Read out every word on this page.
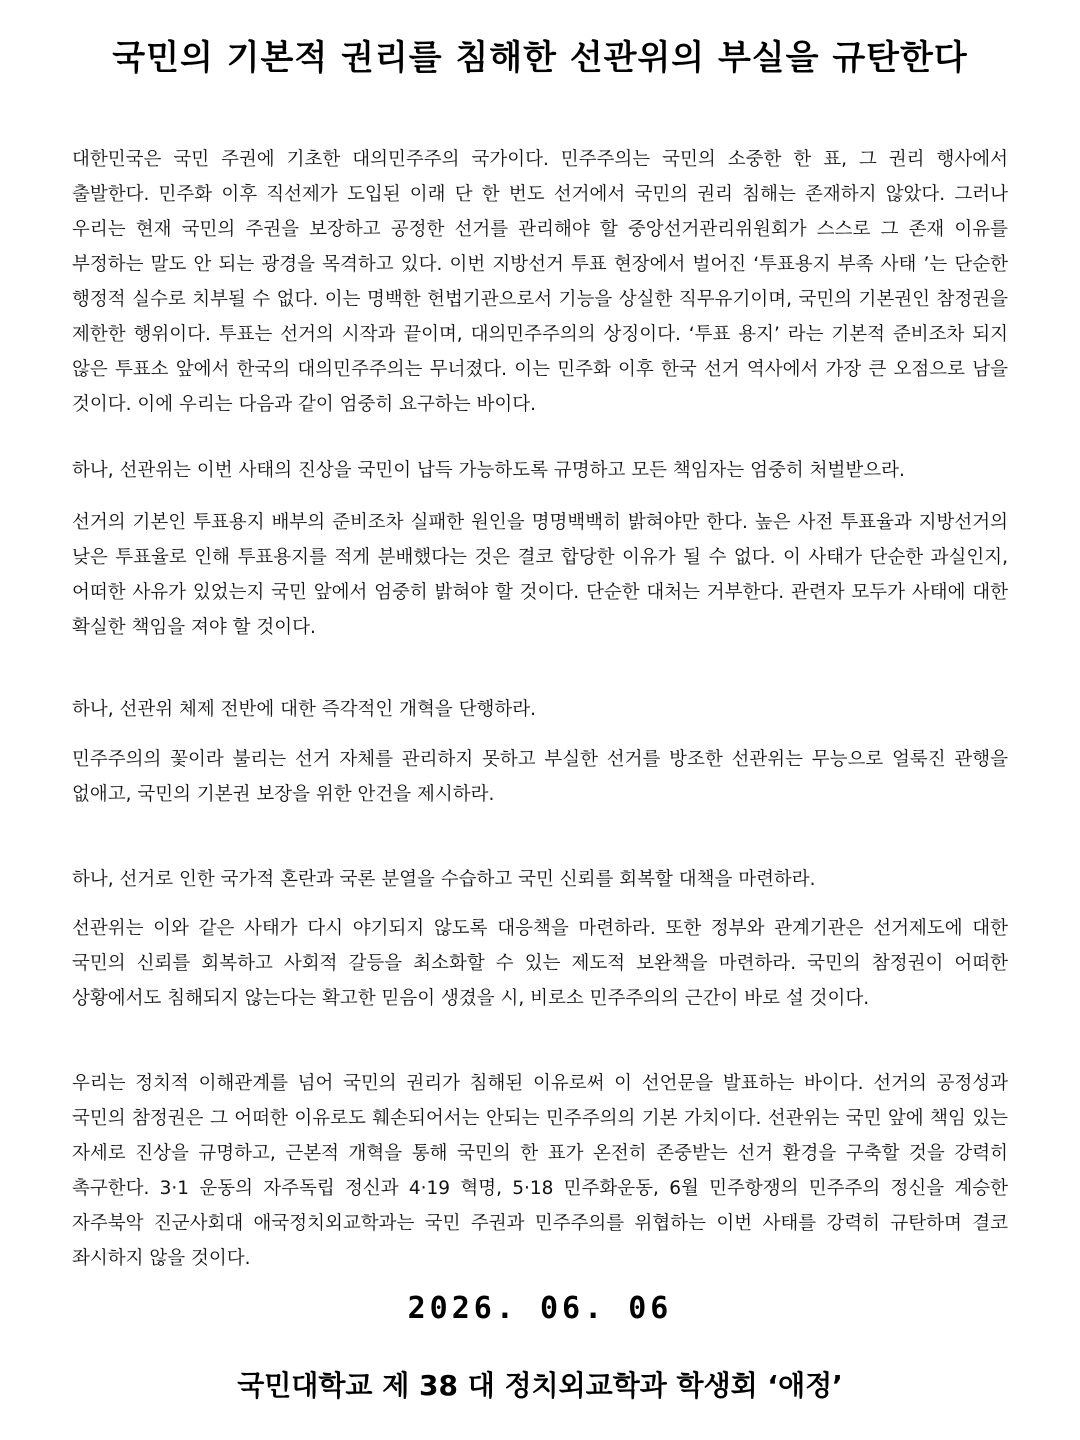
국민의 기본적 권리를 침해한 선관위의 부실을 규탄한다

대한민국은 국민 주권에 기초한 대의민주주의 국가이다. 민주주의는 국민의 소중한 한 표, 그 권리 행사에서 출발한다. 민주화 이후 직선제가 도입된 이래 단 한 번도 선거에서 국민의 권리 침해는 존재하지 않았다. 그러나 우리는 현재 국민의 주권을 보장하고 공정한 선거를 관리해야 할 중앙선거관리위원회가 스스로 그 존재 이유를 부정하는 말도 안 되는 광경을 목격하고 있다. 이번 지방선거 투표 현장에서 벌어진 ‘투표용지 부족 사태 ’는 단순한 행정적 실수로 치부될 수 없다. 이는 명백한 헌법기관으로서 기능을 상실한 직무유기이며, 국민의 기본권인 참정권을 제한한 행위이다. 투표는 선거의 시작과 끝이며, 대의민주주의의 상징이다. ‘투표 용지’ 라는 기본적 준비조차 되지 않은 투표소 앞에서 한국의 대의민주주의는 무너졌다. 이는 민주화 이후 한국 선거 역사에서 가장 큰 오점으로 남을 것이다. 이에 우리는 다음과 같이 엄중히 요구하는 바이다.

하나, 선관위는 이번 사태의 진상을 국민이 납득 가능하도록 규명하고 모든 책임자는 엄중히 처벌받으라.

선거의 기본인 투표용지 배부의 준비조차 실패한 원인을 명명백백히 밝혀야만 한다. 높은 사전 투표율과 지방선거의 낮은 투표율로 인해 투표용지를 적게 분배했다는 것은 결코 합당한 이유가 될 수 없다. 이 사태가 단순한 과실인지, 어떠한 사유가 있었는지 국민 앞에서 엄중히 밝혀야 할 것이다. 단순한 대처는 거부한다. 관련자 모두가 사태에 대한 확실한 책임을 져야 할 것이다.

하나, 선관위 체제 전반에 대한 즉각적인 개혁을 단행하라.

민주주의의 꽃이라 불리는 선거 자체를 관리하지 못하고 부실한 선거를 방조한 선관위는 무능으로 얼룩진 관행을 없애고, 국민의 기본권 보장을 위한 안건을 제시하라.

하나, 선거로 인한 국가적 혼란과 국론 분열을 수습하고 국민 신뢰를 회복할 대책을 마련하라.

선관위는 이와 같은 사태가 다시 야기되지 않도록 대응책을 마련하라. 또한 정부와 관계기관은 선거제도에 대한 국민의 신뢰를 회복하고 사회적 갈등을 최소화할 수 있는 제도적 보완책을 마련하라. 국민의 참정권이 어떠한 상황에서도 침해되지 않는다는 확고한 믿음이 생겼을 시, 비로소 민주주의의 근간이 바로 설 것이다.

우리는 정치적 이해관계를 넘어 국민의 권리가 침해된 이유로써 이 선언문을 발표하는 바이다. 선거의 공정성과 국민의 참정권은 그 어떠한 이유로도 훼손되어서는 안되는 민주주의의 기본 가치이다. 선관위는 국민 앞에 책임 있는 자세로 진상을 규명하고, 근본적 개혁을 통해 국민의 한 표가 온전히 존중받는 선거 환경을 구축할 것을 강력히 촉구한다. 3·1 운동의 자주독립 정신과 4·19 혁명, 5·18 민주화운동, 6월 민주항쟁의 민주주의 정신을 계승한 자주북악 진군사회대 애국정치외교학과는 국민 주권과 민주주의를 위협하는 이번 사태를 강력히 규탄하며 결코 좌시하지 않을 것이다.

2026. 06. 06
국민대학교 제 38 대 정치외교학과 학생회 ‘애정’
